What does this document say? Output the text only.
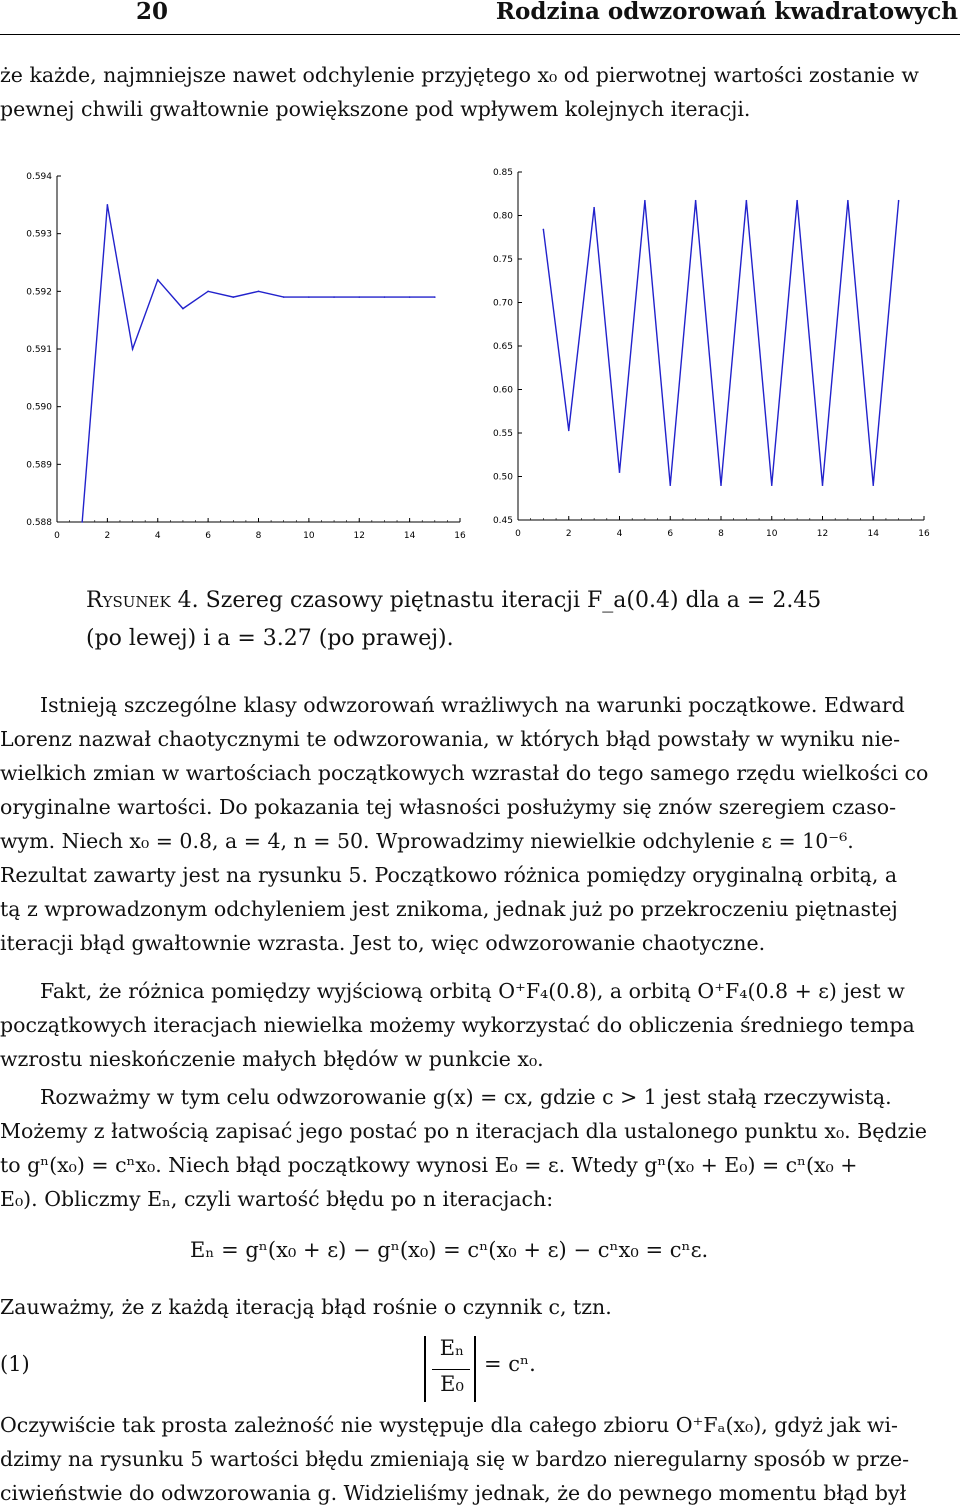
20	Rodzina odwzorowań kwadratowych
że każde, najmniejsze nawet odchylenie przyjętego x₀ od pierwotnej wartości zostanie w
pewnej chwili gwałtownie powiększone pod wpływem kolejnych iteracji.
0	2	4	6	8	10	12	14	16
0.588
0.589
0.590
0.591
0.592
0.593
0.594
0	2	4	6	8	10	12	14	16
0.45
0.50
0.55
0.60
0.65
0.70
0.75
0.80
0.85
Rysunek 4. Szereg czasowy piętnastu iteracji F_a(0.4) dla a = 2.45
(po lewej) i a = 3.27 (po prawej).
Istnieją szczególne klasy odwzorowań wrażliwych na warunki początkowe. Edward
Lorenz nazwał chaotycznymi te odwzorowania, w których błąd powstały w wyniku nie-
wielkich zmian w wartościach początkowych wzrastał do tego samego rzędu wielkości co
oryginalne wartości. Do pokazania tej własności posłużymy się znów szeregiem czaso-
wym. Niech x₀ = 0.8, a = 4, n = 50. Wprowadzimy niewielkie odchylenie ε = 10⁻⁶.
Rezultat zawarty jest na rysunku 5. Początkowo różnica pomiędzy oryginalną orbitą, a
tą z wprowadzonym odchyleniem jest znikoma, jednak już po przekroczeniu piętnastej
iteracji błąd gwałtownie wzrasta. Jest to, więc odwzorowanie chaotyczne.
Fakt, że różnica pomiędzy wyjściową orbitą O⁺F₄(0.8), a orbitą O⁺F₄(0.8 + ε) jest w
początkowych iteracjach niewielka możemy wykorzystać do obliczenia średniego tempa
wzrostu nieskończenie małych błędów w punkcie x₀.
Rozważmy w tym celu odwzorowanie g(x) = cx, gdzie c > 1 jest stałą rzeczywistą.
Możemy z łatwością zapisać jego postać po n iteracjach dla ustalonego punktu x₀. Będzie
to gⁿ(x₀) = cⁿx₀. Niech błąd początkowy wynosi E₀ = ε. Wtedy gⁿ(x₀ + E₀) = cⁿ(x₀ +
E₀). Obliczmy Eₙ, czyli wartość błędu po n iteracjach:
Eₙ = gⁿ(x₀ + ε) − gⁿ(x₀) = cⁿ(x₀ + ε) − cⁿx₀ = cⁿε.
Zauważmy, że z każdą iteracją błąd rośnie o czynnik c, tzn.
(1)
Eₙ
E₀
= cⁿ.
Oczywiście tak prosta zależność nie występuje dla całego zbioru O⁺Fₐ(x₀), gdyż jak wi-
dzimy na rysunku 5 wartości błędu zmieniają się w bardzo nieregularny sposób w prze-
ciwieństwie do odwzorowania g. Widzieliśmy jednak, że do pewnego momentu błąd był
